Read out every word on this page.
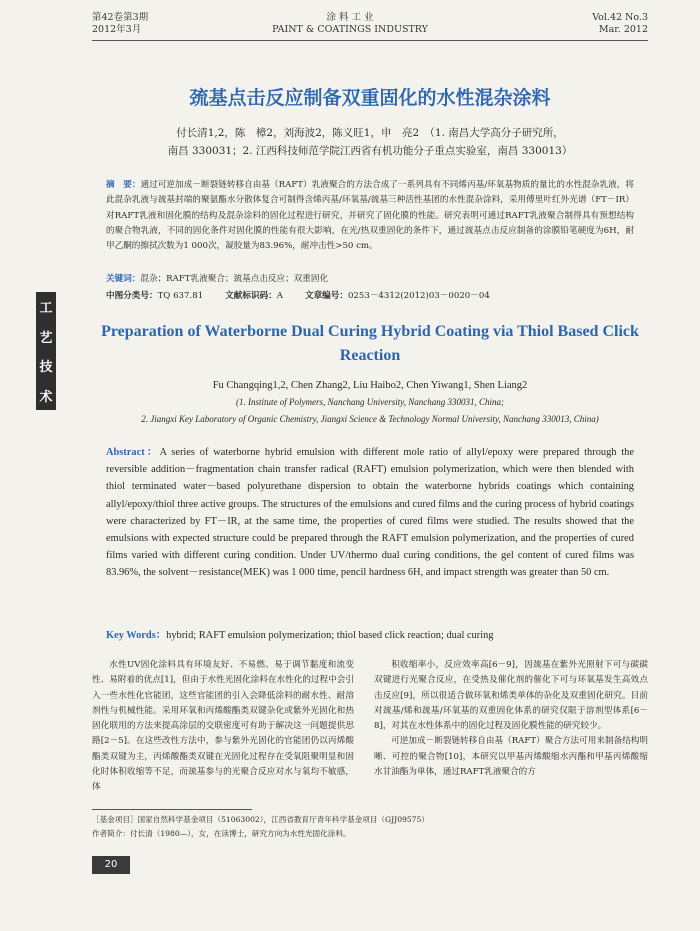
第42卷第3期
2012年3月
涂 料 工 业
PAINT & COATINGS INDUSTRY
Vol.42 No.3
Mar. 2012
工
艺
技
术
巯基点击反应制备双重固化的水性混杂涂料
付长清1,2，陈　樟2，刘海波2，陈义旺1，申　亮2　（1. 南昌大学高分子研究所，
南昌 330031；2. 江西科技师范学院江西省有机功能分子重点实验室，南昌 330013）
摘　要：通过可逆加成－断裂链转移自由基（RAFT）乳液聚合的方法合成了一系列具有不同烯丙基/环氧基物质的量比的水性混杂乳液，将此混杂乳液与巯基封端的聚氨酯水分散体复合可制得含烯丙基/环氧基/巯基三种活性基团的水性混杂涂料，采用傅里叶红外光谱（FT－IR）对RAFT乳液和固化膜的结构及混杂涂料的固化过程进行研究，并研究了固化膜的性能。研究表明可通过RAFT乳液聚合制得具有预想结构的聚合物乳液，不同的固化条件对固化膜的性能有很大影响，在光/热双重固化的条件下，通过巯基点击反应制备的涂膜铅笔硬度为6H，耐甲乙酮的擦拭次数为1 000次，凝胶量为83.96%，耐冲击性>50 cm。
关键词：混杂；RAFT乳液聚合；巯基点击反应；双重固化
中图分类号：TQ 637.81	文献标识码：A	文章编号：0253－4312(2012)03－0020－04
Preparation of Waterborne Dual Curing Hybrid Coating via Thiol Based Click Reaction
Fu Changqing1,2, Chen Zhang2, Liu Haibo2, Chen Yiwang1, Shen Liang2
(1. Institute of Polymers, Nanchang University, Nanchang 330031, China;
2. Jiangxi Key Laboratory of Organic Chemistry, Jiangxi Science & Technology Normal University, Nanchang 330013, China)
Abstract：A series of waterborne hybrid emulsion with different mole ratio of allyl/epoxy were prepared through the reversible addition－fragmentation chain transfer radical (RAFT) emulsion polymerization, which were then blended with thiol terminated water－based polyurethane dispersion to obtain the waterborne hybrids coatings which containing allyl/epoxy/thiol three active groups. The structures of the emulsions and cured films and the curing process of hybrid coatings were characterized by FT－IR, at the same time, the properties of cured films were studied. The results showed that the emulsions with expected structure could be prepared through the RAFT emulsion polymerization, and the properties of cured films varied with different curing condition. Under UV/thermo dual curing conditions, the gel content of cured films was 83.96%, the solvent－resistance(MEK) was 1 000 time, pencil hardness 6H, and impact strength was greater than 50 cm.
Key Words：hybrid; RAFT emulsion polymerization; thiol based click reaction; dual curing

水性UV固化涂料具有环境友好、不易燃、易于调节黏度和流变性、易附着的优点[1]，但由于水性光固化涂料在水性化的过程中会引入一些水性化官能团，这些官能团的引入会降低涂料的耐水性、耐溶剂性与机械性能。采用环氧和丙烯酸酯类双键杂化或紫外光固化和热固化联用的方法来提高涂层的交联密度可有助于解决这一问题提供思路[2－5]。在这些改性方法中，参与紫外光固化的官能团仍以丙烯酸酯类双键为主，丙烯酸酯类双键在光固化过程存在受氧阻聚明显和固化时体积收缩等不足，而巯基参与的光聚合反应对水与氧均不敏感，体

积收缩率小，反应效率高[6－9]，因巯基在紫外光照射下可与碳碳双键进行光聚合反应，在受热及催化剂的催化下可与环氧基发生高效点击反应[9]，所以很适合做环氧和烯类单体的杂化及双重固化研究。目前对巯基/烯和巯基/环氧基的双重固化体系的研究仅限于溶剂型体系[6－8]，对其在水性体系中的固化过程及固化膜性能的研究较少。

可逆加成－断裂链转移自由基（RAFT）聚合方法可用来制备结构明晰、可控的聚合物[10]，本研究以甲基丙烯酸缩水丙酯和甲基丙烯酸缩水甘油酯为单体，通过RAFT乳液聚合的方

［基金项目］国家自然科学基金项目（51063002），江西省教育厅青年科学基金项目（GJJ09575）
作者简介：付长清（1980—），女，在读博士，研究方向为水性光固化涂料。
20
